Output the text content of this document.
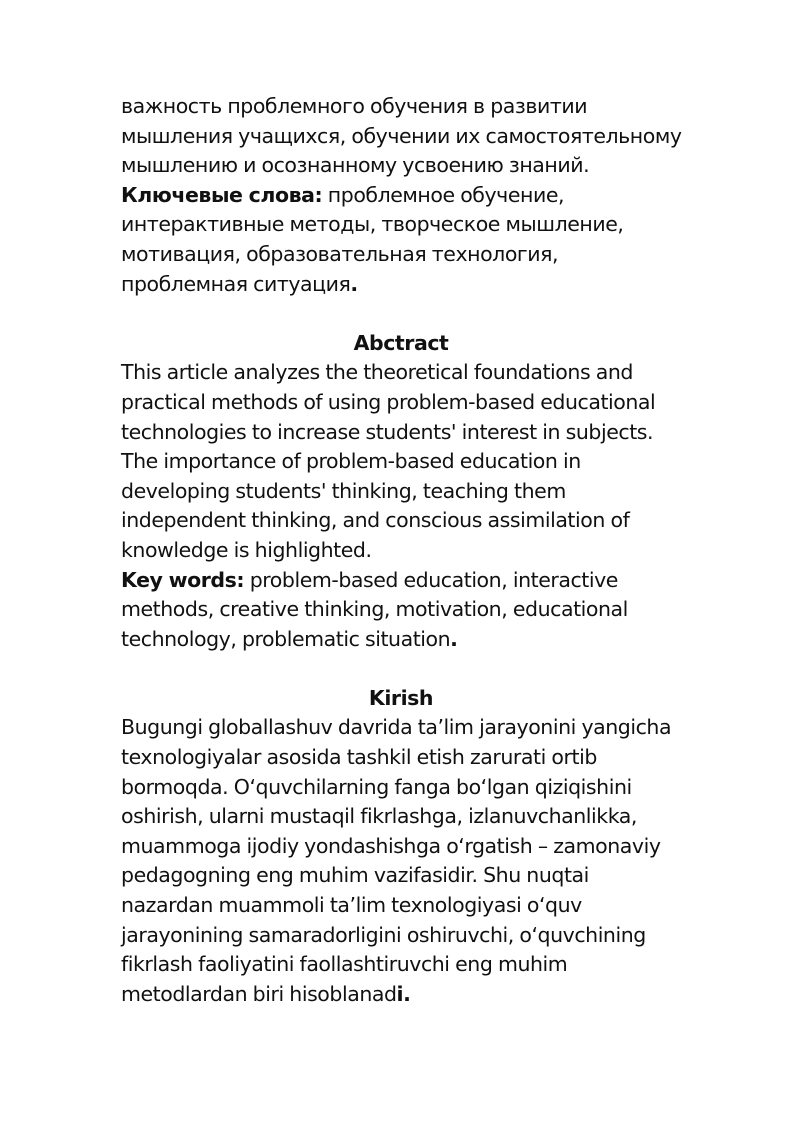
важность проблемного обучения в развитии
мышления учащихся, обучении их самостоятельному
мышлению и осознанному усвоению знаний.
Ключевые слова: проблемное обучение,
интерактивные методы, творческое мышление,
мотивация, образовательная технология,
проблемная ситуация.
Abctract
This article analyzes the theoretical foundations and
practical methods of using problem-based educational
technologies to increase students' interest in subjects.
The importance of problem-based education in
developing students' thinking, teaching them
independent thinking, and conscious assimilation of
knowledge is highlighted.
Key words: problem-based education, interactive
methods, creative thinking, motivation, educational
technology, problematic situation.
Kirish
Bugungi globallashuv davrida ta’lim jarayonini yangicha
texnologiyalar asosida tashkil etish zarurati ortib
bormoqda. O‘quvchilarning fanga bo‘lgan qiziqishini
oshirish, ularni mustaqil fikrlashga, izlanuvchanlikka,
muammoga ijodiy yondashishga o‘rgatish – zamonaviy
pedagogning eng muhim vazifasidir. Shu nuqtai
nazardan muammoli ta’lim texnologiyasi o‘quv
jarayonining samaradorligini oshiruvchi, o‘quvchining
fikrlash faoliyatini faollashtiruvchi eng muhim
metodlardan biri hisoblanadi.
